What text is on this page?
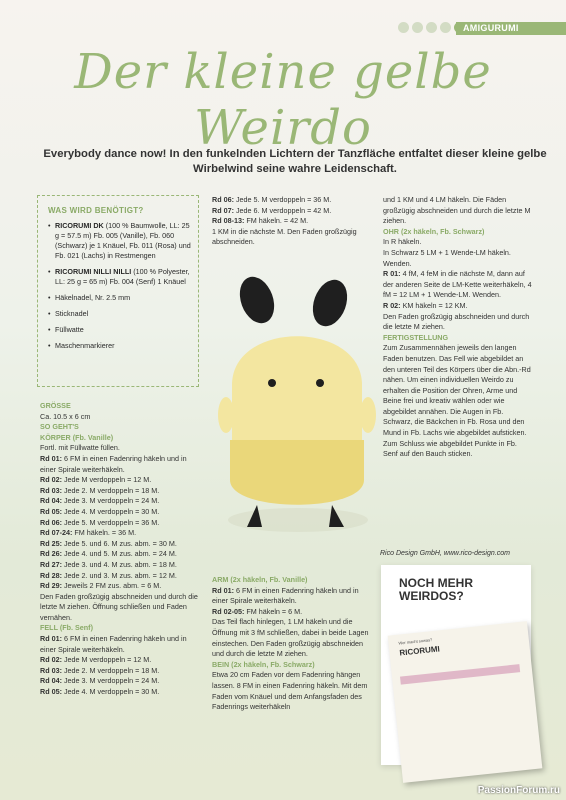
AMIGURUMI
Der kleine gelbe Weirdo
Everybody dance now! In den funkelnden Lichtern der Tanzfläche entfaltet dieser kleine gelbe Wirbelwind seine wahre Leidenschaft.
WAS WIRD BENÖTIGT?
• RICORUMI DK (100 % Baumwolle, LL: 25 g = 57.5 m) Fb. 005 (Vanille), Fb. 060 (Schwarz) je 1 Knäuel, Fb. 011 (Rosa) und Fb. 021 (Lachs) in Restmengen
• RICORUMI NILLI NILLI (100 % Polyester, LL: 25 g = 65 m) Fb. 004 (Senf) 1 Knäuel
• Häkelnadel, Nr. 2.5 mm
• Sticknadel
• Füllwatte
• Maschenmarkierer

GRÖSSE

Ca. 10.5 x 6 cm

SO GEHT'S

KÖRPER (Fb. Vanille)

Fortl. mit Füllwatte füllen.

Rd 01: 6 FM in einen Fadenring häkeln und in einer Spirale weiterhäkeln.

Rd 02: Jede M verdoppeln = 12 M.

Rd 03: Jede 2. M verdoppeln = 18 M.

Rd 04: Jede 3. M verdoppeln = 24 M.

Rd 05: Jede 4. M verdoppeln = 30 M.

Rd 06: Jede 5. M verdoppeln = 36 M.

Rd 07-24: FM häkeln. = 36 M.

Rd 25: Jede 5. und 6. M zus. abm. = 30 M.

Rd 26: Jede 4. und 5. M zus. abm. = 24 M.

Rd 27: Jede 3. und 4. M zus. abm. = 18 M.

Rd 28: Jede 2. und 3. M zus. abm. = 12 M.

Rd 29: Jeweils 2 FM zus. abm. = 6 M.

Den Faden großzügig abschneiden und durch die letzte M ziehen. Öffnung schließen und Faden vernähen.

FELL (Fb. Senf)

Rd 01: 6 FM in einen Fadenring häkeln und in einer Spirale weiterhäkeln.

Rd 02: Jede M verdoppeln = 12 M.

Rd 03: Jede 2. M verdoppeln = 18 M.

Rd 04: Jede 3. M verdoppeln = 24 M.

Rd 05: Jede 4. M verdoppeln = 30 M.

Rd 06: Jede 5. M verdoppeln = 36 M.

Rd 07: Jede 6. M verdoppeln = 42 M.

Rd 08-13: FM häkeln. = 42 M.

1 KM in die nächste M. Den Faden großzügig abschneiden.

ARM (2x häkeln, Fb. Vanille)

Rd 01: 6 FM in einen Fadenring häkeln und in einer Spirale weiterhäkeln.

Rd 02-05: FM häkeln = 6 M.

Das Teil flach hinlegen, 1 LM häkeln und die Öffnung mit 3 fM schließen, dabei in beide Lagen einstechen. Den Faden großzügig abschneiden und durch die letzte M ziehen.

BEIN (2x häkeln, Fb. Schwarz)

Etwa 20 cm Faden vor dem Fadenring hängen lassen. 8 FM in einen Fadenring häkeln. Mit dem Faden vom Knäuel und dem Anfangsfaden des Fadenrings weiterhäkeln

und 1 KM und 4 LM häkeln. Die Fäden großzügig abschneiden und durch die letzte M ziehen.

OHR (2x häkeln, Fb. Schwarz)

In R häkeln.

In Schwarz 5 LM + 1 Wende-LM häkeln. Wenden.

R 01: 4 fM, 4 feM in die nächste M, dann auf der anderen Seite de LM-Kette weiterhäkeln, 4 fM = 12 LM + 1 Wende-LM. Wenden.

R 02: KM häkeln = 12 KM.

Den Faden großzügig abschneiden und durch die letzte M ziehen.

FERTIGSTELLUNG

Zum Zusammennähen jeweils den langen Faden benutzen. Das Fell wie abgebildet an den unteren Teil des Körpers über die Abn.-Rd nähen. Um einen individuellen Weirdo zu erhalten die Position der Ohren, Arme und Beine frei und kreativ wählen oder wie abgebildet annähen. Die Augen in Fb. Schwarz, die Bäckchen in Fb. Rosa und den Mund in Fb. Lachs wie abgebildet aufsticken. Zum Schluss wie abgebildet Punkte in Fb. Senf auf den Bauch sticken.

Rico Design GmbH, www.rico-design.com
NOCH MEHR WEIRDOS?
Wer macht sowas?
RICORUMI
PassionForum.ru
